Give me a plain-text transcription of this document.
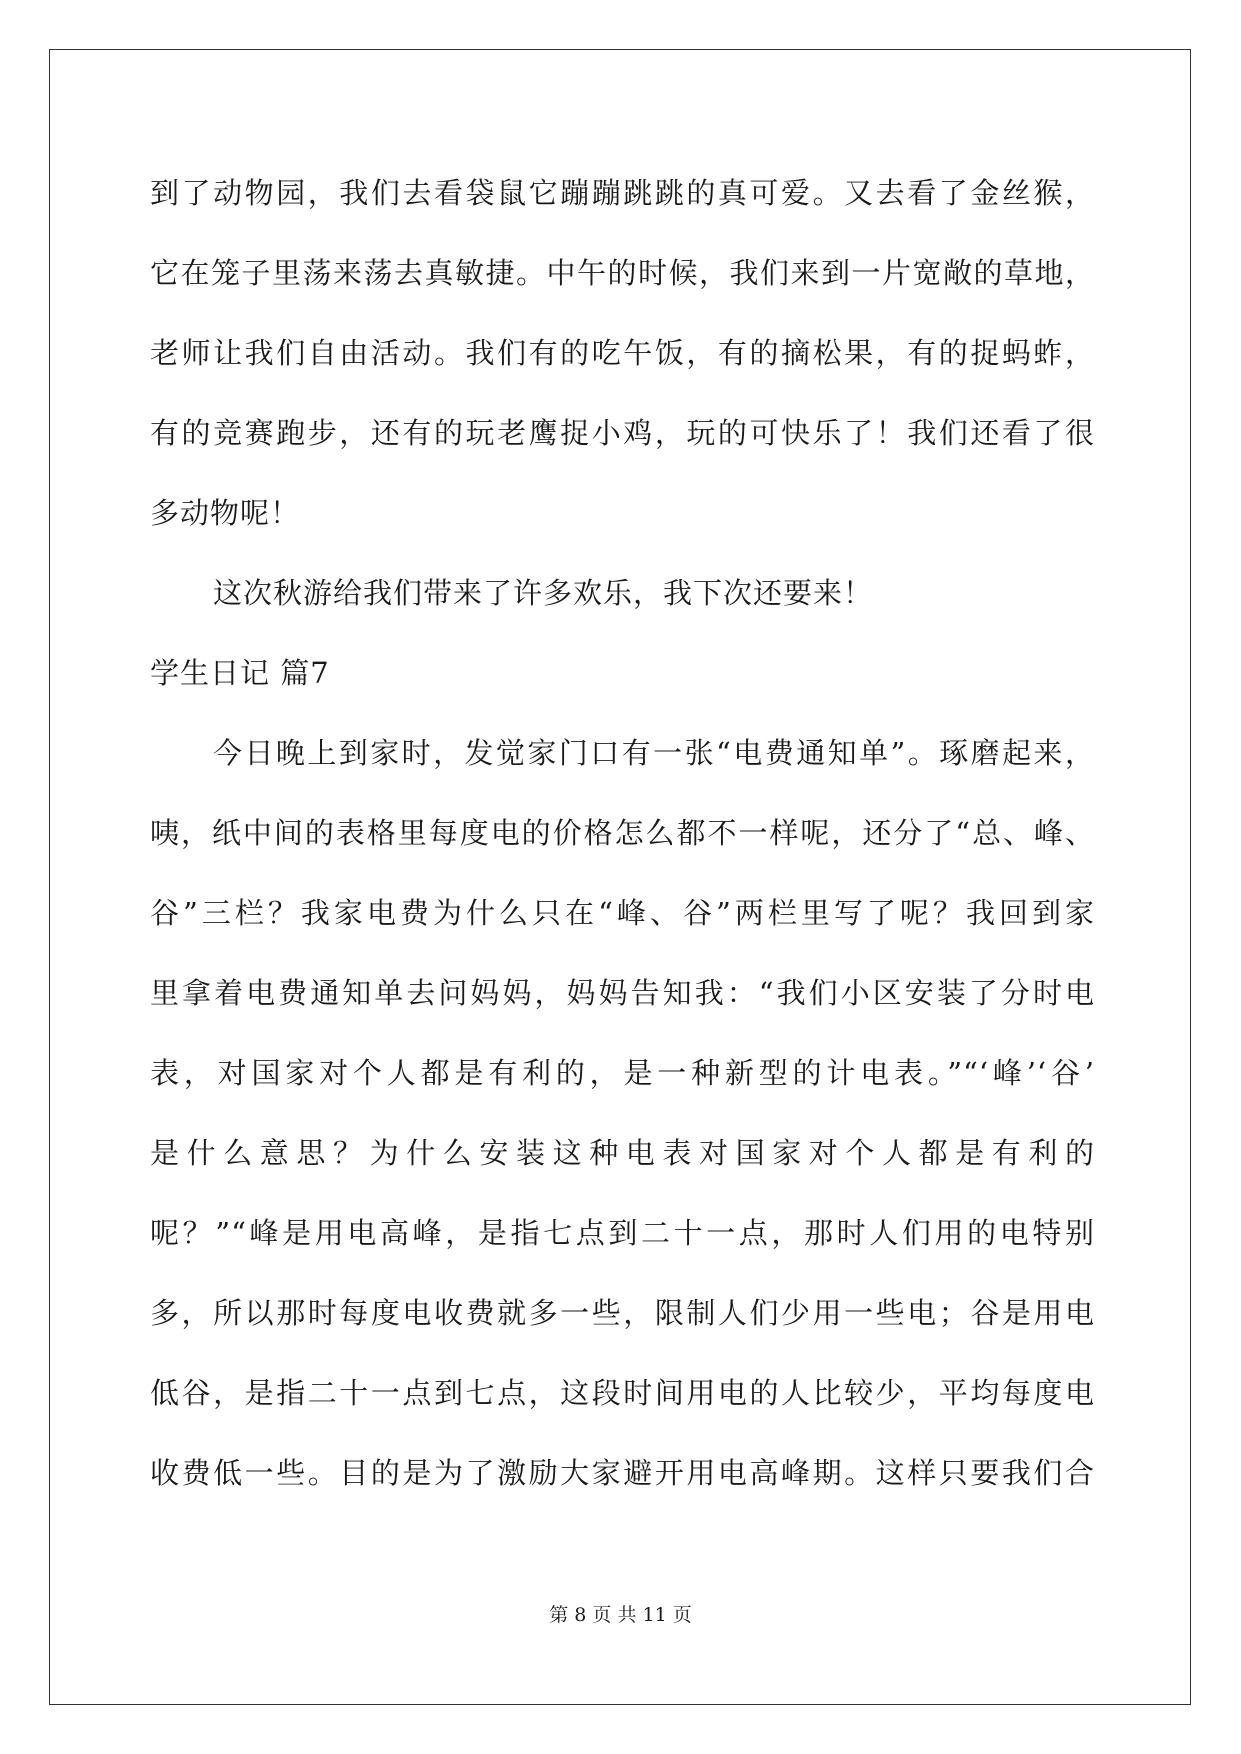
到了动物园，我们去看袋鼠它蹦蹦跳跳的真可爱。又去看了金丝猴，
它在笼子里荡来荡去真敏捷。中午的时候，我们来到一片宽敞的草地，
老师让我们自由活动。我们有的吃午饭，有的摘松果，有的捉蚂蚱，
有的竞赛跑步，还有的玩老鹰捉小鸡，玩的可快乐了！我们还看了很
多动物呢！
这次秋游给我们带来了许多欢乐，我下次还要来！
学生日记 篇7
今日晚上到家时，发觉家门口有一张“电费通知单”。琢磨起来，
咦，纸中间的表格里每度电的价格怎么都不一样呢，还分了“总、峰、
谷”三栏？我家电费为什么只在“峰、谷”两栏里写了呢？我回到家
里拿着电费通知单去问妈妈，妈妈告知我：“我们小区安装了分时电
表，对国家对个人都是有利的，是一种新型的计电表。”“‘峰’‘谷’
是什么意思？为什么安装这种电表对国家对个人都是有利的
呢？”“峰是用电高峰，是指七点到二十一点，那时人们用的电特别
多，所以那时每度电收费就多一些，限制人们少用一些电；谷是用电
低谷，是指二十一点到七点，这段时间用电的人比较少，平均每度电
收费低一些。目的是为了激励大家避开用电高峰期。这样只要我们合
第 8 页 共 11 页
